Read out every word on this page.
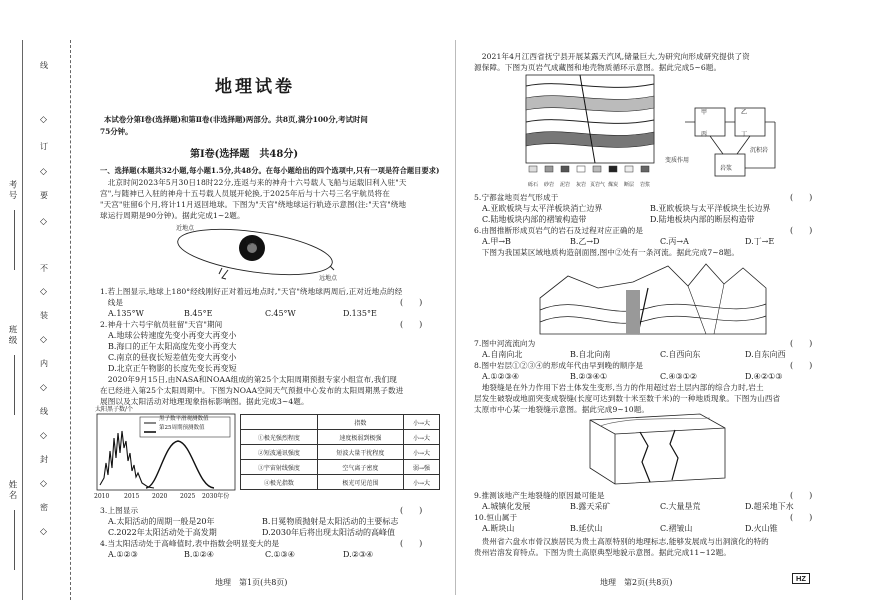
考号
班级
姓名
线
◇
订
◇
要
◇
不
◇
装
◇
内
◇
线
◇
封
◇
密
◇
地理试卷
本试卷分第Ⅰ卷(选择题)和第Ⅱ卷(非选择题)两部分。共8页,满分100分,考试时间
75分钟。
第Ⅰ卷(选择题　共48分)
一、选择题(本题共32小题,每小题1.5分,共48分。在每小题给出的四个选项中,只有一项是符合题目要求)
　北京时间2023年5月30日18时22分,连返与来的神舟十六号载人飞船与运载旧利入驻"天
宫",与随神已入驻的神舟十五号载人员展开轮换,于2025年后与十六号三名宇航员将在
"天宫"驻留6个月,将计11月返回地球。下图为"天宫"绕地球运行轨迹示意图(注:"天宫"绕地
球运行周期是90分钟)。据此完成1~2题。
近地点
远地点
地球
1.若上图显示,地球上180°经线刚好正对着远地点时,"天宫"绕地球两周后,正对近地点的经
　线是	(　　)
A.135°W	B.45°E	C.45°W	D.135°E
2.神舟十六号宇航员驻留"天宫"期间	(　　)
A.地球公转速度先变小再变大再变小
B.海口的正午太阳高度先变小再变大
C.南京的昼夜长短差值先变大再变小
D.北京正午物影的长度先变长再变短
　2020年9月15日,由NASA和NOAA组成的第25个太阳周期预报专家小组宣布,我们现
在已经进入第25个太阳周期中。下图为NOAA空间天气预报中心发布的太阳周期黑子数进
展图以及太阳活动对地理现象指标影响图。据此完成3~4题。
太阳黑子数/个
黑子数平滑观测数值
第25周期预测数值
2010 2015 2020 2025 2030年份
	指数	小→大
①极光强烈程度	速度极弱到极强	小→大
②短波通讯强度	短波大量干扰程度	小→大
③宇宙射线强度	空气离子密度	弱→强
④极光指数	极光可见范围	小→大
3.上图显示	(　　)
A.太阳活动的周期一般是20年	B.日冕物质抛射是太阳活动的主要标志
C.2022年太阳活动处于高发期	D.2030年后将出现太阳活动的高峰值
4.当太阳活动处于高峰值时,表中指数会明显变大的是	(　　)
A.①②③	B.①②④	C.①③④	D.②③④
地理　第1页(共8页)
　2021年4月江西省抚宁县开展某露天汽风,储量巨大,为研究向形成研究提供了资
源保障。下图为页岩气成藏图和地壳物质循环示意图。据此完成5~6题。
甲	乙
丙	丁
岩浆
沉积岩
变质作用
砾石 砂岩 泥岩 灰岩 页岩气 煤炭 断层 岩浆
5.宁都盆地页岩气形成于	(　　)
A.亚欧板块与太平洋板块消亡边界	B.亚欧板块与太平洋板块生长边界
C.陆地板块内部的褶皱构造带	D.陆地板块内部的断层构造带
6.由图推断形成页岩气的岩石及过程对应正确的是	(　　)
A.甲→B	B.乙→D	C.丙→A	D.丁→E
　下图为我国某区域地质构造剖面图,图中②处有一条河流。据此完成7~8题。
7.图中河流流向为	(　　)
A.自南向北	B.自北向南	C.自西向东	D.自东向西
8.图中岩层①②③④的形成年代由早到晚的顺序是	(　　)
A.①②③④	B.②③④①	C.④③①②	D.④②①③
　地裂缝是在外力作用下岩土体发生变形,当力的作用超过岩土层内部的综合力时,岩土
层发生破裂或地面突变成裂缝(长度可达到数十米至数千米)的一种地质现象。下图为山西省
太原市中心某一地裂缝示意图。据此完成9~10题。
9.推测该地产生地裂缝的原因最可能是	(　　)
A.城镇化发展	B.露天采矿	C.大量垦荒	D.超采地下水
10.恒山属于	(　　)
A.断块山	B.延伏山	C.褶皱山	D.火山锥
　贵州省六盘水市骨汉族居民为贵土高原特别的地理标志,能够发展成与出洞演化的特的
贵州岩溶发育特点。下图为贵土高原典型地貌示意图。据此完成11~12题。
地理　第2页(共8页)	HZ
